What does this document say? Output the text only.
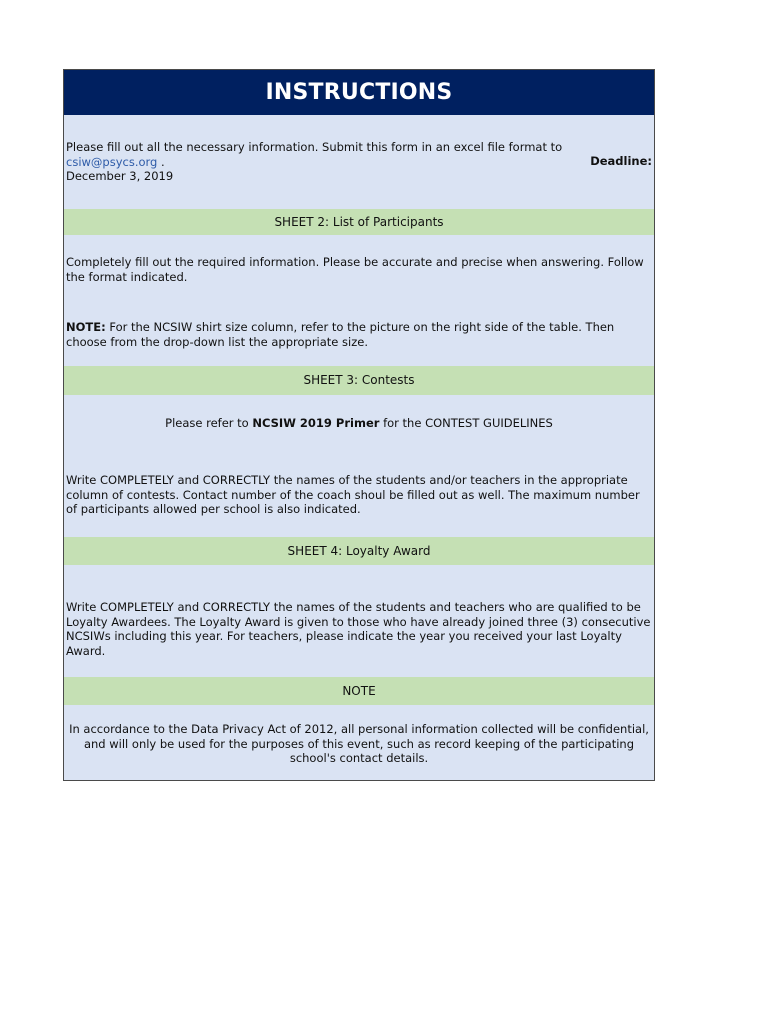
INSTRUCTIONS
Please fill out all the necessary information. Submit this form in an excel file format to csiw@psycs.org .	Deadline:
December 3, 2019
SHEET 2: List of Participants
Completely fill out the required information. Please be accurate and precise when answering. Follow the format indicated.
NOTE: For the NCSIW shirt size column, refer to the picture on the right side of the table. Then choose from the drop-down list the appropriate size.
SHEET 3: Contests
Please refer to NCSIW 2019 Primer for the CONTEST GUIDELINES
Write COMPLETELY and CORRECTLY the names of the students and/or teachers in the appropriate column of contests. Contact number of the coach shoul be filled out as well. The maximum number of participants allowed per school is also indicated.
SHEET 4: Loyalty Award
Write COMPLETELY and CORRECTLY the names of the students and teachers who are qualified to be Loyalty Awardees. The Loyalty Award is given to those who have already joined three (3) consecutive NCSIWs including this year. For teachers, please indicate the year you received your last Loyalty Award.
NOTE
In accordance to the Data Privacy Act of 2012, all personal information collected will be confidential, and will only be used for the purposes of this event, such as record keeping of the participating school's contact details.
